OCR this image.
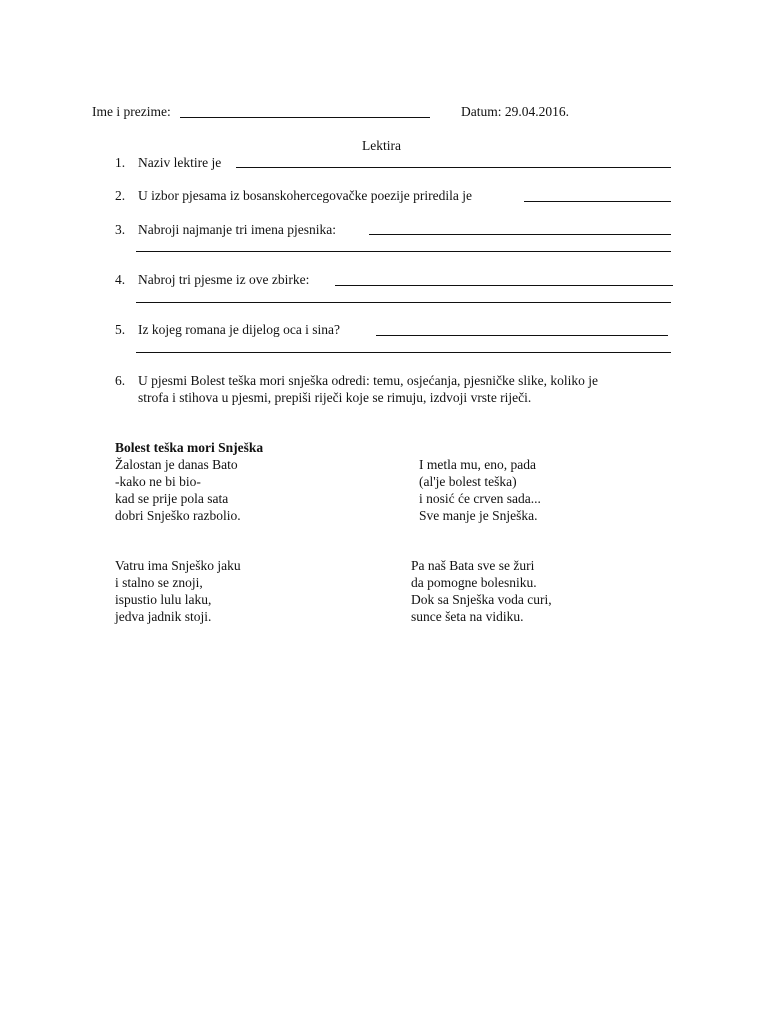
Ime i prezime:	Datum: 29.04.2016.
Lektira
1. Naziv lektire je
2. U izbor pjesama iz bosanskohercegovačke poezije priredila je
3. Nabroji najmanje tri imena pjesnika:
4. Nabroj tri pjesme iz ove zbirke:
5. Iz kojeg romana je dijelog oca i sina?
6. U pjesmi Bolest teška mori snješka odredi: temu, osjećanja, pjesničke slike, koliko je
strofa i stihova u pjesmi, prepiši riječi koje se rimuju, izdvoji vrste riječi.
Bolest teška mori Snješka
Žalostan je danas Bato
-kako ne bi bio-
kad se prije pola sata
dobri Snješko razbolio.
I metla mu, eno, pada
(al'je bolest teška)
i nosić će crven sada...
Sve manje je Snješka.
Vatru ima Snješko jaku
i stalno se znoji,
ispustio lulu laku,
jedva jadnik stoji.
Pa naš Bata sve se žuri
da pomogne bolesniku.
Dok sa Snješka voda curi,
sunce šeta na vidiku.
